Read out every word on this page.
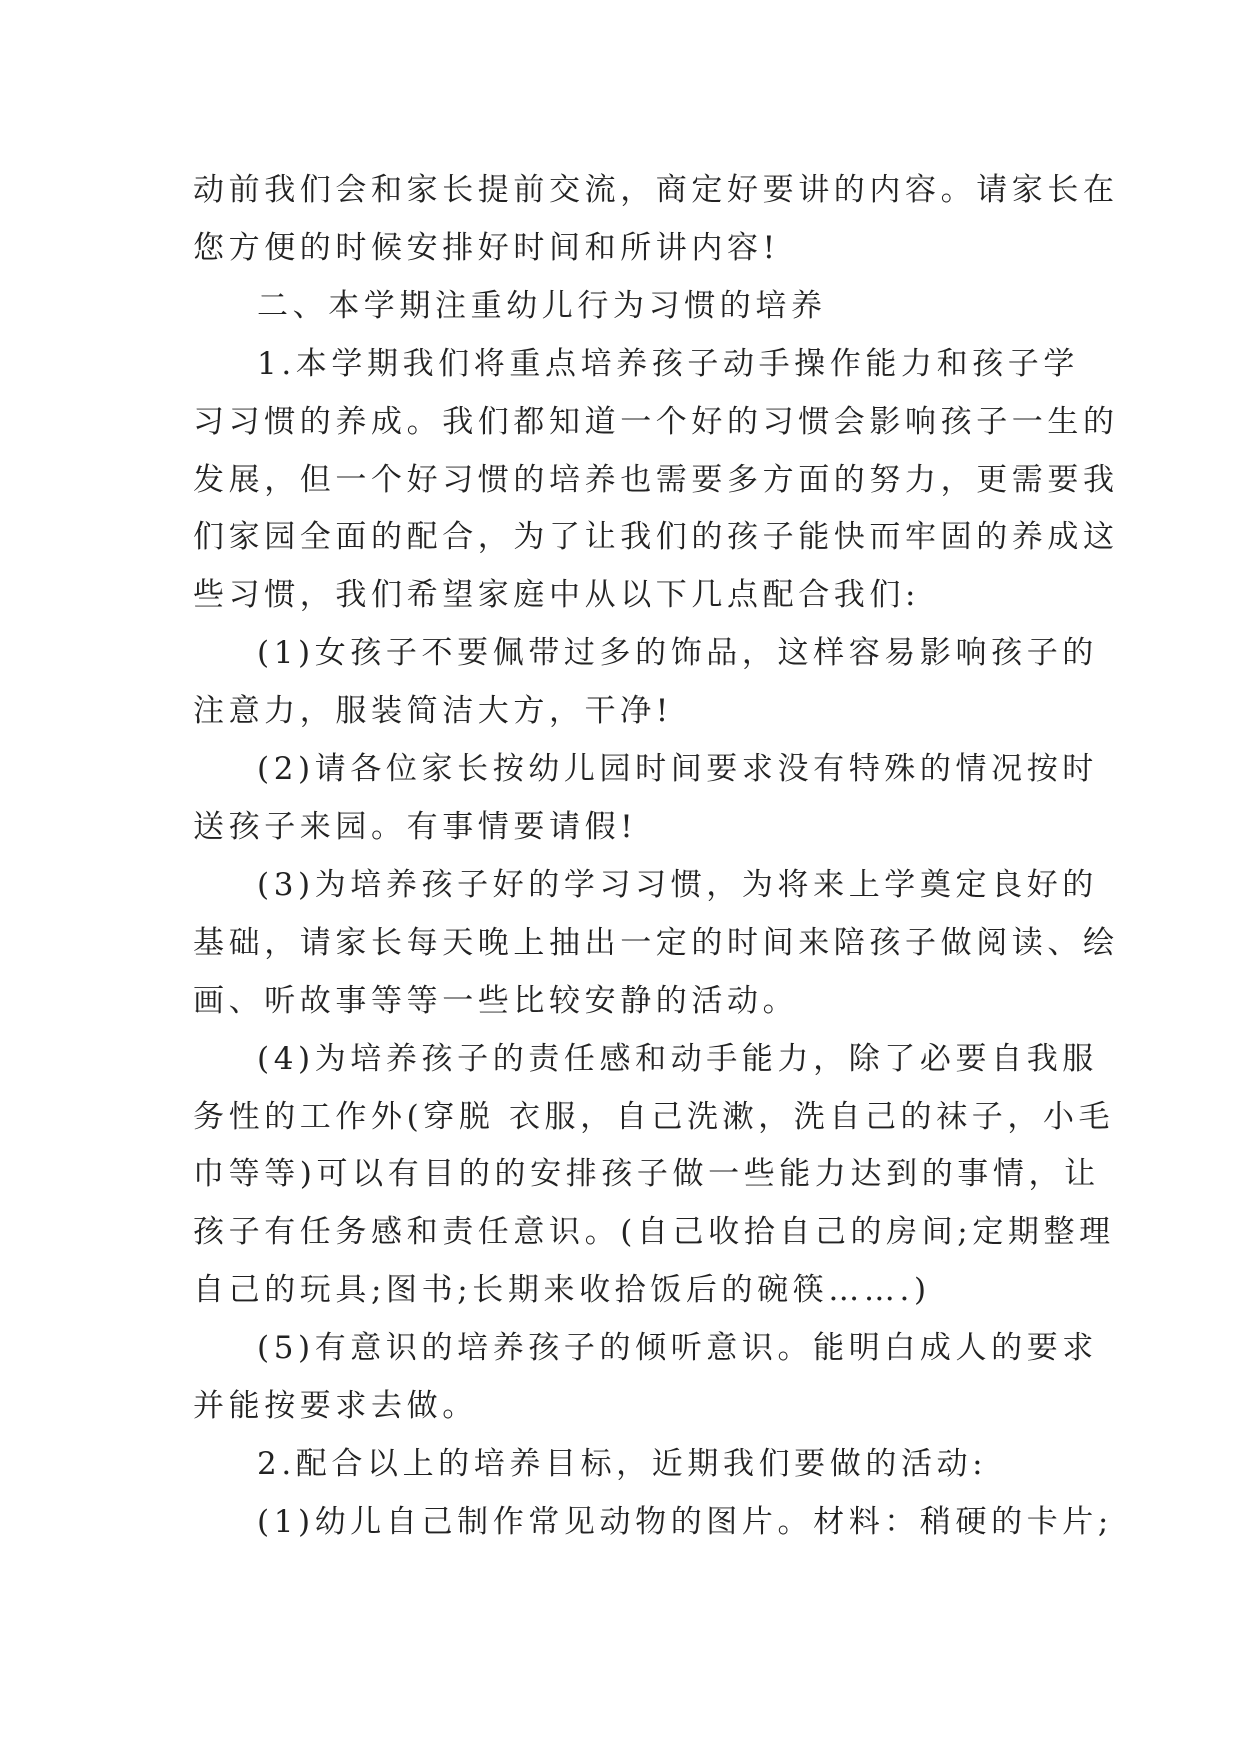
动前我们会和家长提前交流，商定好要讲的内容。请家长在

您方便的时候安排好时间和所讲内容!

二、本学期注重幼儿行为习惯的培养

1.本学期我们将重点培养孩子动手操作能力和孩子学

习习惯的养成。我们都知道一个好的习惯会影响孩子一生的

发展，但一个好习惯的培养也需要多方面的努力，更需要我

们家园全面的配合，为了让我们的孩子能快而牢固的养成这

些习惯，我们希望家庭中从以下几点配合我们:

(1)女孩子不要佩带过多的饰品，这样容易影响孩子的

注意力，服装简洁大方，干净!

(2)请各位家长按幼儿园时间要求没有特殊的情况按时

送孩子来园。有事情要请假!

(3)为培养孩子好的学习习惯，为将来上学奠定良好的

基础，请家长每天晚上抽出一定的时间来陪孩子做阅读、绘

画、听故事等等一些比较安静的活动。

(4)为培养孩子的责任感和动手能力，除了必要自我服

务性的工作外(穿脱 衣服，自己洗漱，洗自己的袜子，小毛

巾等等)可以有目的的安排孩子做一些能力达到的事情，让

孩子有任务感和责任意识。(自己收拾自己的房间;定期整理

自己的玩具;图书;长期来收拾饭后的碗筷…….)

(5)有意识的培养孩子的倾听意识。能明白成人的要求

并能按要求去做。

2.配合以上的培养目标，近期我们要做的活动:

(1)幼儿自己制作常见动物的图片。材料：稍硬的卡片;
